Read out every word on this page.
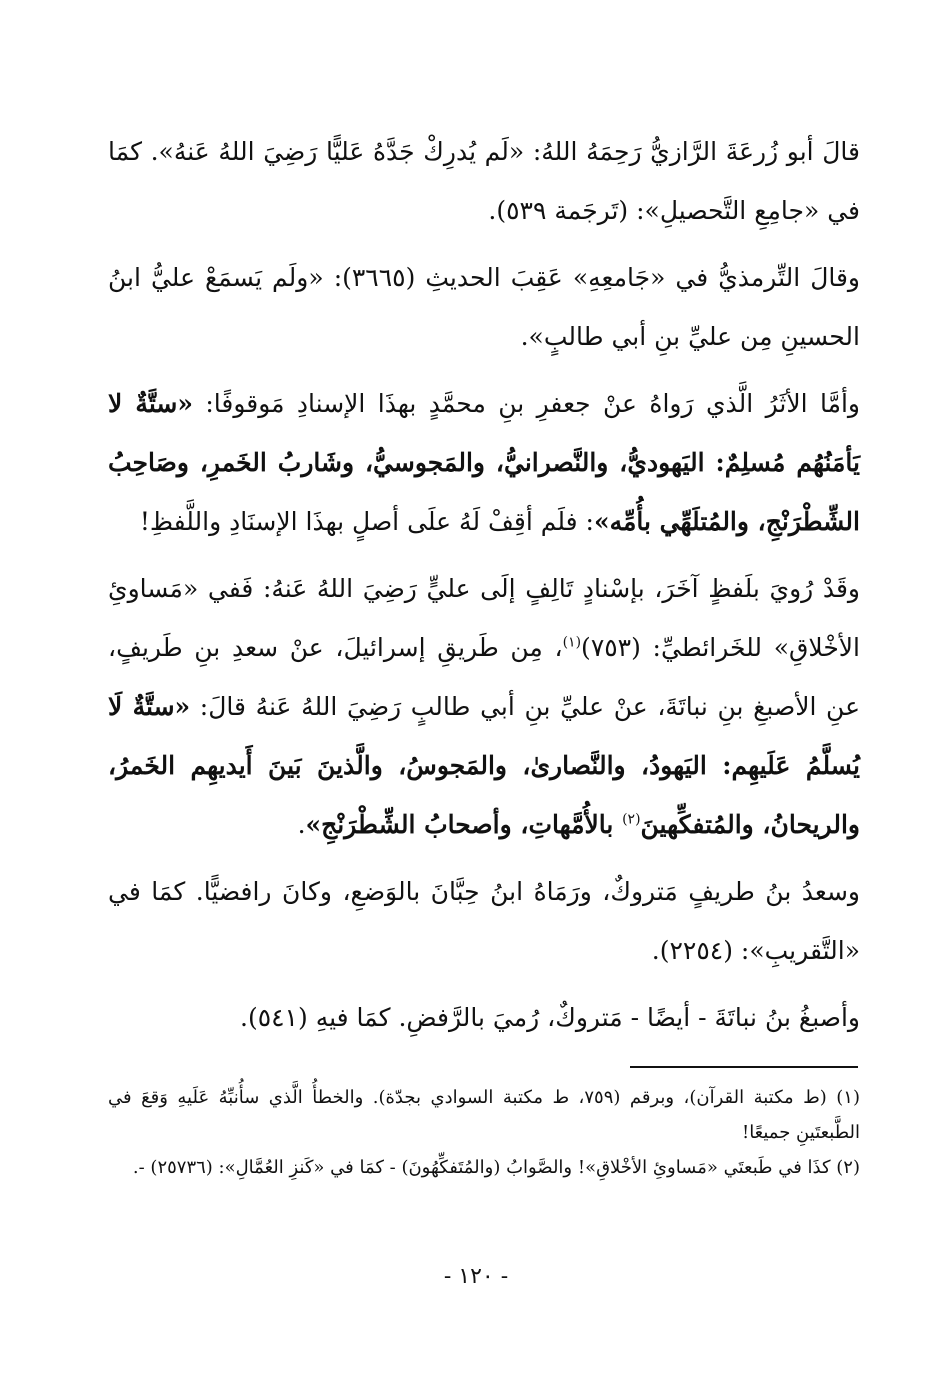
قالَ أبو زُرعَةَ الرَّازيُّ رَحِمَهُ اللهُ: «لَم يُدرِكْ جَدَّهُ عَليًّا رَضِيَ اللهُ عَنهُ». كمَا في «جامِعِ التَّحصيلِ»: (تَرجَمة ٥٣٩).

وقالَ التِّرمذيُّ في «جَامعِهِ» عَقِبَ الحديثِ (٣٦٦٥): «ولَم يَسمَعْ عليُّ ابنُ الحسينِ مِن عليِّ بنِ أبي طالبٍ».

وأمَّا الأثَرُ الَّذي رَواهُ عنْ جعفرِ بنِ محمَّدٍ بهذَا الإسنادِ مَوقوفًا: «ستَّةٌ لا يَأمَنُهُم مُسلِمٌ: اليَهوديُّ، والنَّصرانيُّ، والمَجوسيُّ، وشَاربُ الخَمرِ، وصَاحِبُ الشِّطْرَنْجِ، والمُتلَهِّي بأُمِّه»: فلَم أقِفْ لَهُ علَى أصلٍ بهذَا الإسنَادِ واللَّفظِ!

وقَدْ رُويَ بلَفظٍ آخَرَ، بإسْنادٍ تَالِفٍ إلَى عليٍّ رَضِيَ اللهُ عَنهُ: فَفي «مَساوئِ الأخْلاقِ» للخَرائطيِّ: (٧٥٣)$^{(١)}$، مِن طَريقِ إسرائيلَ، عنْ سعدِ بنِ طَريفٍ، عنِ الأصبغِ بنِ نباتَةَ، عنْ عليِّ بنِ أبي طالبٍ رَضِيَ اللهُ عَنهُ قالَ: «ستَّةٌ لَا يُسلَّمُ عَلَيهِم: اليَهودُ، والنَّصارىٰ، والمَجوسُ، والَّذينَ بَينَ أَيديهِم الخَمرُ، والريحانُ، والمُتفكِّهينَ$^{(٢)}$ بالأُمَّهاتِ، وأصحابُ الشِّطْرَنْجِ».

وسعدُ بنُ طريفٍ مَتروكٌ، ورَمَاهُ ابنُ حِبَّانَ بالوَضعِ، وكانَ رافضيًّا. كمَا في «التَّقريبِ»: (٢٢٥٤).

وأصبغُ بنُ نباتَةَ - أيضًا - مَتروكٌ، رُميَ بالرَّفضِ. كمَا فيهِ (٥٤١).

(١) (ط مكتبة القرآن)، وبرقم (٧٥٩، ط مكتبة السوادي بجدّة). والخطأُ الَّذي سأُنبِّهُ عَلَيهِ وَقعَ في الطَّبعتَينِ جميعًا!

(٢) كذَا في طَبعتَي «مَساوئِ الأخْلاقِ»! والصَّوابُ (والمُتَفكِّهُونَ) - كمَا في «كَنزِ العُمَّالِ»: (٢٥٧٣٦) -.

- ١٢٠ -
